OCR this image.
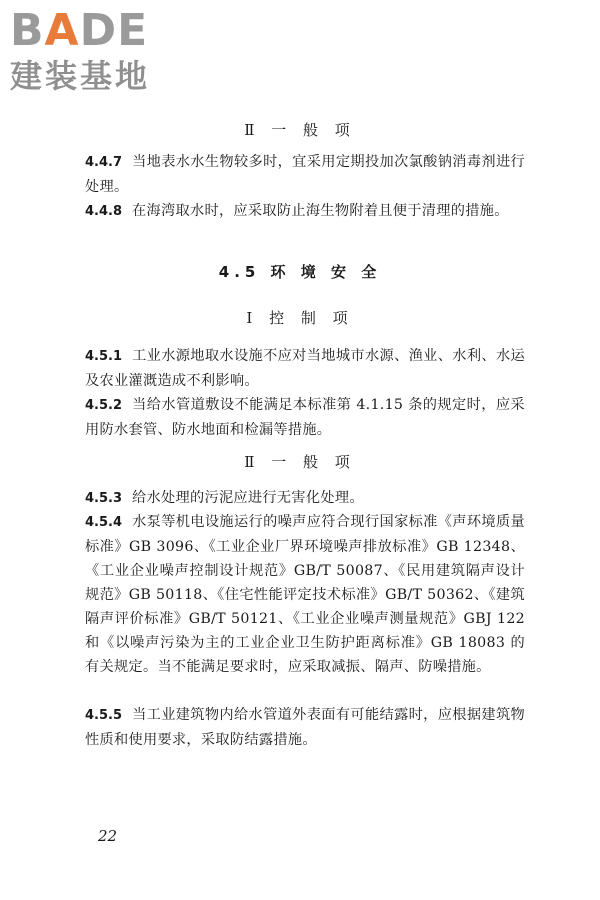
BADE
建装基地
Ⅱ 一 般 项
4.4.7 当地表水水生物较多时，宜采用定期投加次氯酸钠消毒剂进行处理。
4.4.8 在海湾取水时，应采取防止海生物附着且便于清理的措施。
4.5 环 境 安 全
Ⅰ 控 制 项
4.5.1 工业水源地取水设施不应对当地城市水源、渔业、水利、水运及农业灌溉造成不利影响。
4.5.2 当给水管道敷设不能满足本标准第 4.1.15 条的规定时，应采用防水套管、防水地面和检漏等措施。
Ⅱ 一 般 项
4.5.3 给水处理的污泥应进行无害化处理。
4.5.4 水泵等机电设施运行的噪声应符合现行国家标准《声环境质量标准》GB 3096、《工业企业厂界环境噪声排放标准》GB 12348、《工业企业噪声控制设计规范》GB/T 50087、《民用建筑隔声设计规范》GB 50118、《住宅性能评定技术标准》GB/T 50362、《建筑隔声评价标准》GB/T 50121、《工业企业噪声测量规范》GBJ 122 和《以噪声污染为主的工业企业卫生防护距离标准》GB 18083 的有关规定。当不能满足要求时，应采取减振、隔声、防噪措施。
4.5.5 当工业建筑物内给水管道外表面有可能结露时，应根据建筑物性质和使用要求，采取防结露措施。
22
